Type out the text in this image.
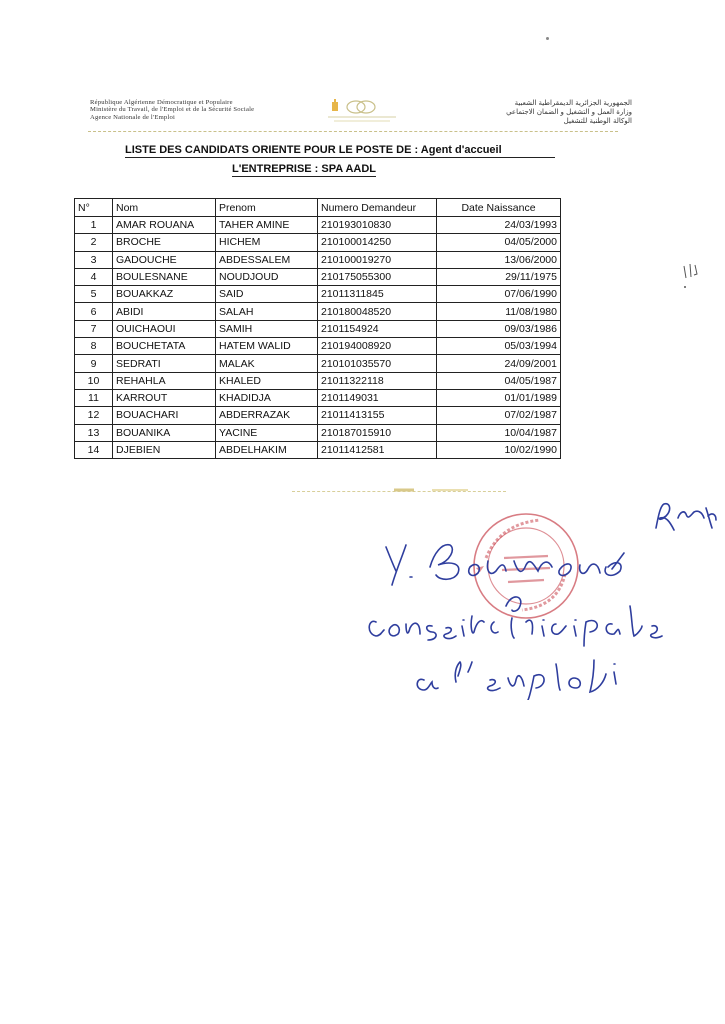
République Algérienne Démocratique et Populaire
Ministère du Travail, de l'Emploi et de la Sécurité Sociale
Agence Nationale de l'Emploi
الجمهورية الجزائرية الديمقراطية الشعبية
وزارة العمل و التشغيل و الضمان الاجتماعي
الوكالة الوطنية للتشغيل
LISTE DES CANDIDATS ORIENTE POUR LE POSTE DE : Agent d'accueil
L'ENTREPRISE : SPA AADL
N°	Nom	Prenom	Numero Demandeur	Date Naissance
1	AMAR ROUANA	TAHER AMINE	210193010830	24/03/1993
2	BROCHE	HICHEM	210100014250	04/05/2000
3	GADOUCHE	ABDESSALEM	210100019270	13/06/2000
4	BOULESNANE	NOUDJOUD	210175055300	29/11/1975
5	BOUAKKAZ	SAID	21011311845	07/06/1990
6	ABIDI	SALAH	210180048520	11/08/1980
7	OUICHAOUI	SAMIH	2101154924	09/03/1986
8	BOUCHETATA	HATEM WALID	210194008920	05/03/1994
9	SEDRATI	MALAK	210101035570	24/09/2001
10	REHAHLA	KHALED	21011322118	04/05/1987
11	KARROUT	KHADIDJA	2101149031	01/01/1989
12	BOUACHARI	ABDERRAZAK	21011413155	07/02/1987
13	BOUANIKA	YACINE	210187015910	10/04/1987
14	DJEBIEN	ABDELHAKIM	21011412581	10/02/1990
